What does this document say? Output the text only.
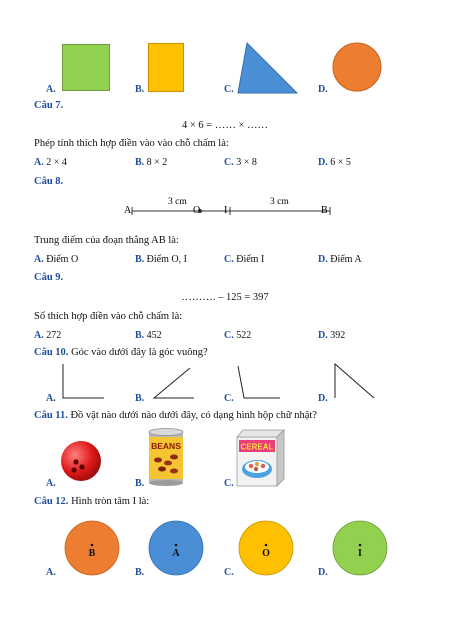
A.	B.	C.	D.
Câu 7.
4 × 6 = …… × ……
Phép tính thích hợp điền vào vào chỗ chấm là:
A. 2 × 4	B. 8 × 2	C. 3 × 8	D. 6 × 5
Câu 8.
A	O I	B
3 cm	3 cm
Trung điểm của đoạn thẳng AB là:
A. Điểm O	B. Điểm O, I	C. Điểm I	D. Điểm A
Câu 9.
………. – 125 = 397
Số thích hợp điền vào chỗ chấm là:
A. 272	B. 452	C. 522	D. 392
Câu 10. Góc vào dưới đây là góc vuông?
A.	B.	C.	D.
Câu 11. Đồ vật nào dưới nào dưới đây, có dạng hình hộp chữ nhật?
BEANS	CEREAL
A.	B.	C.
Câu 12. Hình tròn tâm I là:
B	A	O	I
A.	B.	C.	D.
